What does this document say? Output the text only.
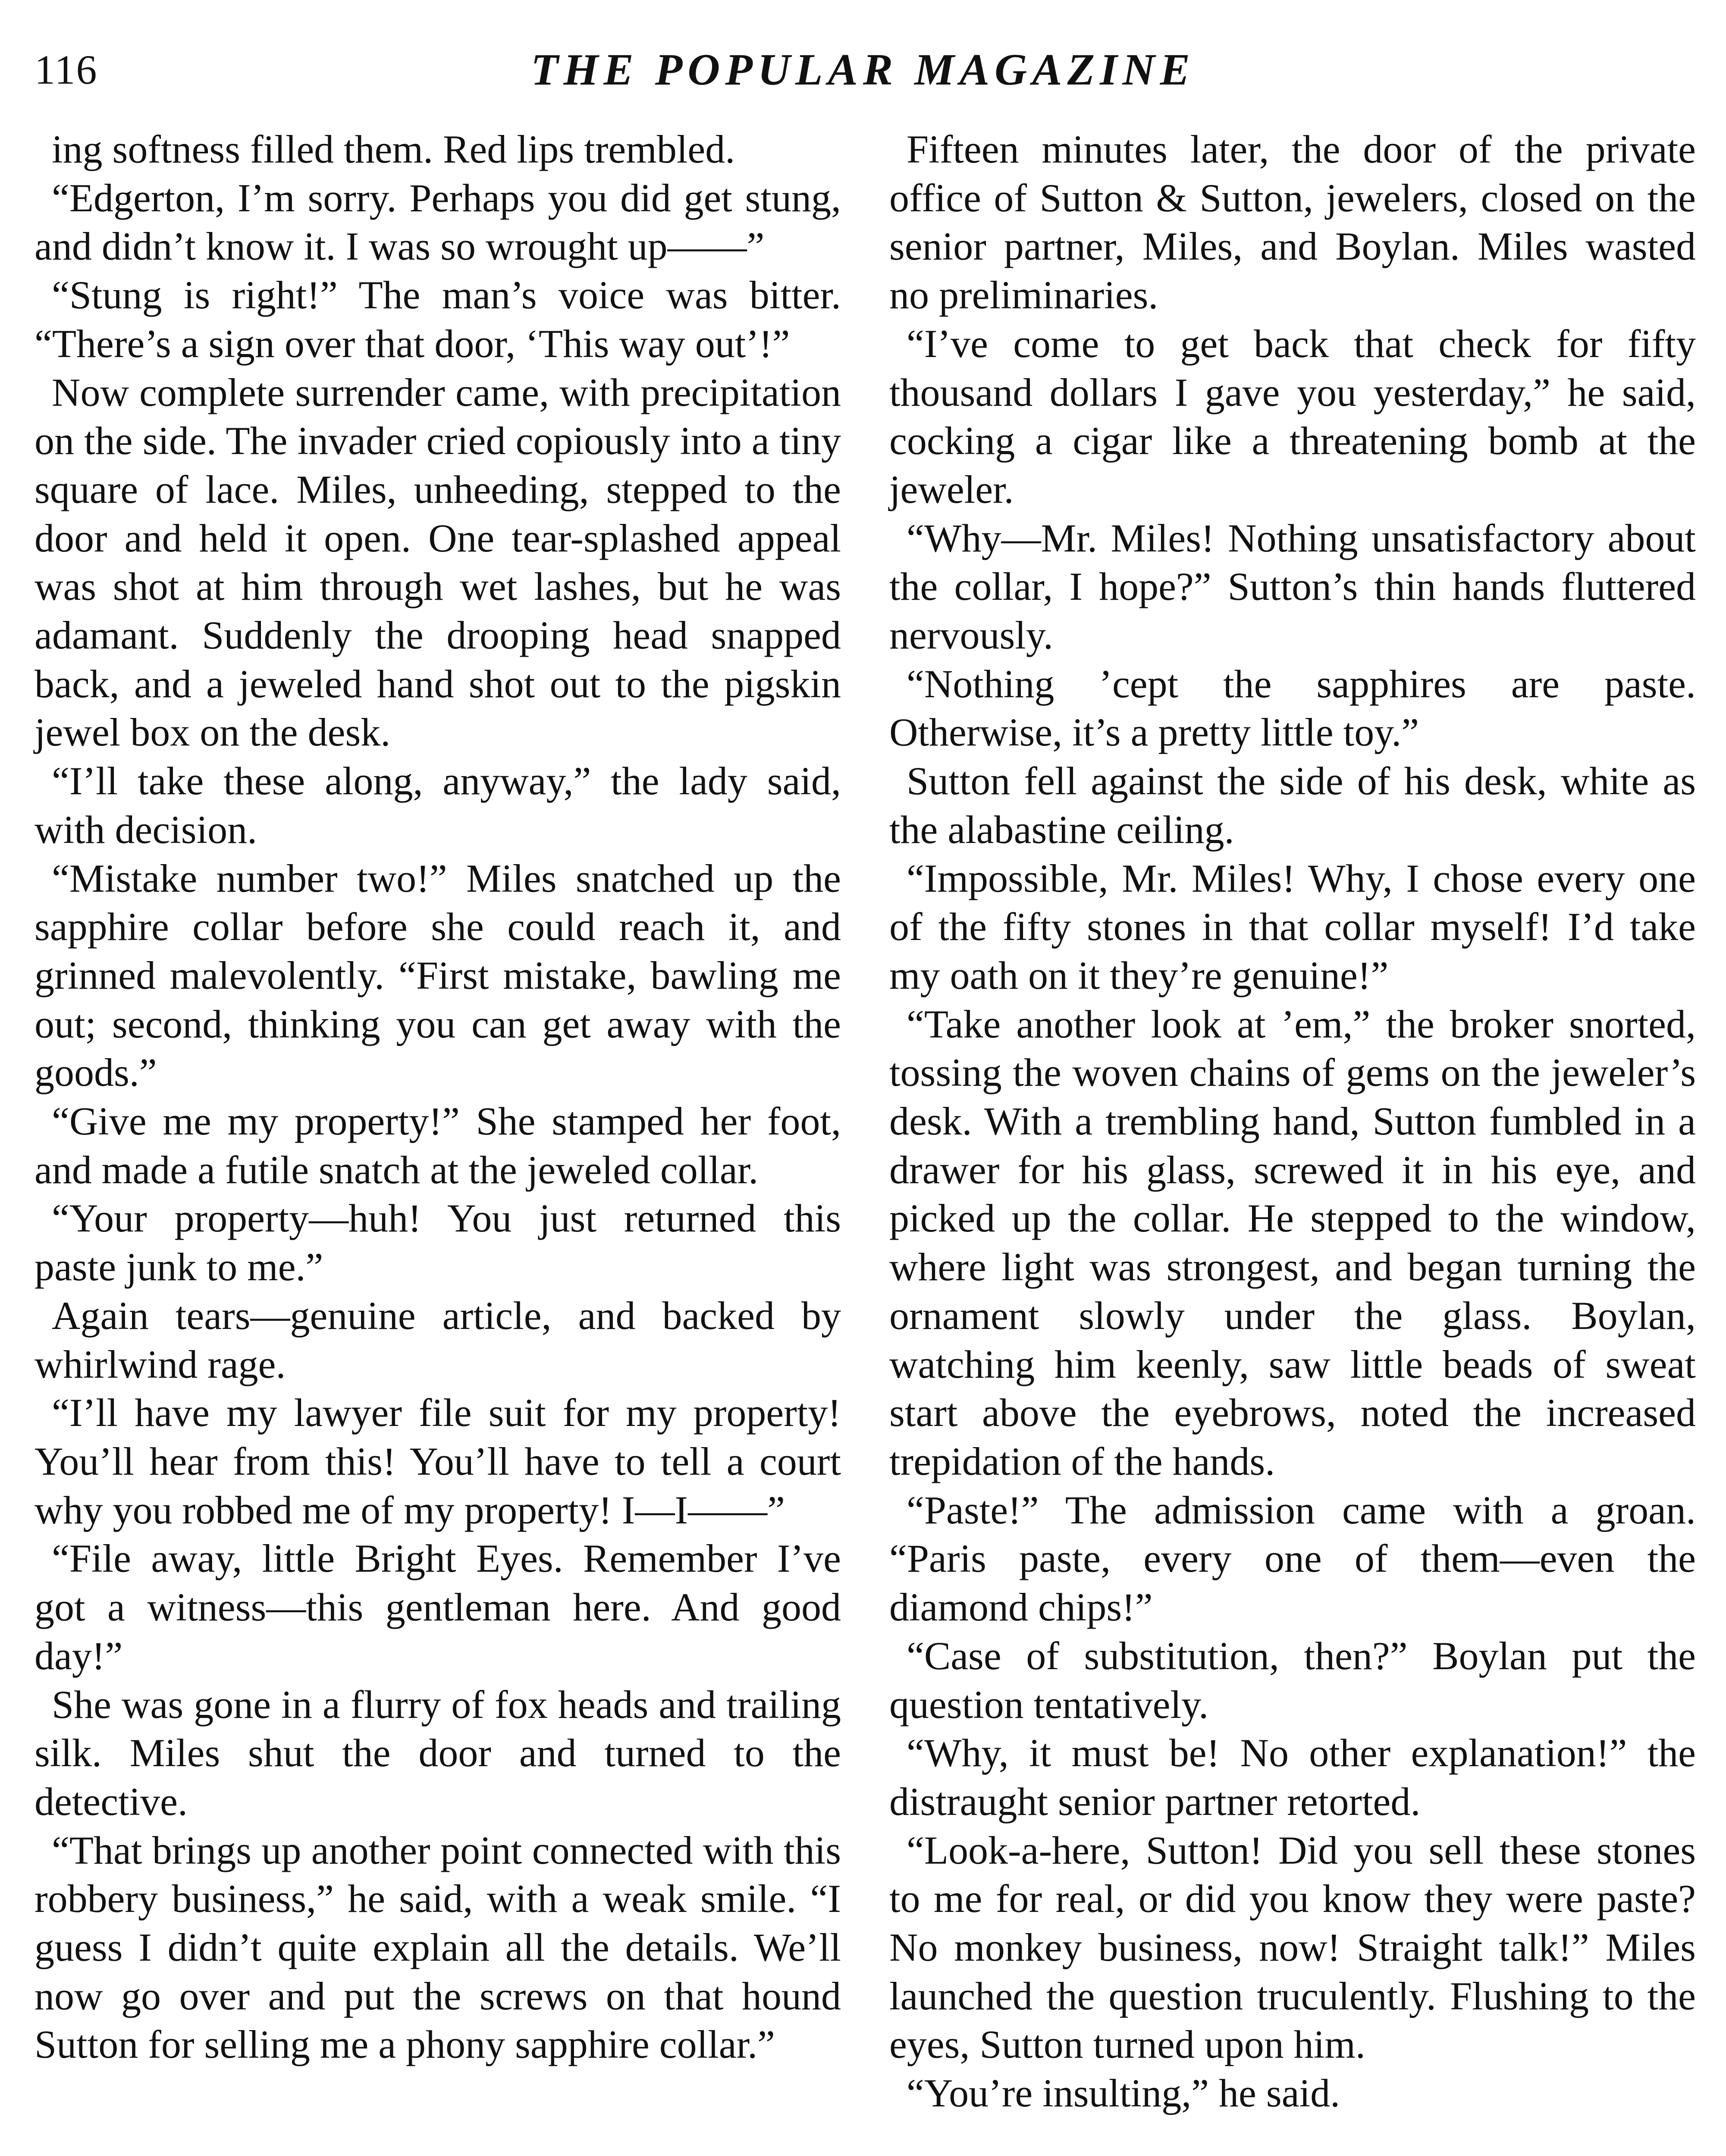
116	THE POPULAR MAGAZINE

ing softness filled them. Red lips trembled.

“Edgerton, I’m sorry. Perhaps you did get stung, and didn’t know it. I was so wrought up——”

“Stung is right!” The man’s voice was bitter. “There’s a sign over that door, ‘This way out’!”

Now complete surrender came, with precipitation on the side. The invader cried copiously into a tiny square of lace. Miles, unheeding, stepped to the door and held it open. One tear-splashed appeal was shot at him through wet lashes, but he was adamant. Suddenly the drooping head snapped back, and a jeweled hand shot out to the pigskin jewel box on the desk.

“I’ll take these along, anyway,” the lady said, with decision.

“Mistake number two!” Miles snatched up the sapphire collar before she could reach it, and grinned malevolently. “First mistake, bawling me out; second, thinking you can get away with the goods.”

“Give me my property!” She stamped her foot, and made a futile snatch at the jeweled collar.

“Your property—huh! You just returned this paste junk to me.”

Again tears—genuine article, and backed by whirlwind rage.

“I’ll have my lawyer file suit for my property! You’ll hear from this! You’ll have to tell a court why you robbed me of my property! I—I——”

“File away, little Bright Eyes. Remember I’ve got a witness—this gentleman here. And good day!”

She was gone in a flurry of fox heads and trailing silk. Miles shut the door and turned to the detective.

“That brings up another point connected with this robbery business,” he said, with a weak smile. “I guess I didn’t quite explain all the details. We’ll now go over and put the screws on that hound Sutton for selling me a phony sapphire collar.”

Fifteen minutes later, the door of the private office of Sutton & Sutton, jewelers, closed on the senior partner, Miles, and Boylan. Miles wasted no preliminaries.

“I’ve come to get back that check for fifty thousand dollars I gave you yesterday,” he said, cocking a cigar like a threatening bomb at the jeweler.

“Why—Mr. Miles! Nothing unsatisfactory about the collar, I hope?” Sutton’s thin hands fluttered nervously.

“Nothing ’cept the sapphires are paste. Otherwise, it’s a pretty little toy.”

Sutton fell against the side of his desk, white as the alabastine ceiling.

“Impossible, Mr. Miles! Why, I chose every one of the fifty stones in that collar myself! I’d take my oath on it they’re genuine!”

“Take another look at ’em,” the broker snorted, tossing the woven chains of gems on the jeweler’s desk. With a trembling hand, Sutton fumbled in a drawer for his glass, screwed it in his eye, and picked up the collar. He stepped to the window, where light was strongest, and began turning the ornament slowly under the glass. Boylan, watching him keenly, saw little beads of sweat start above the eyebrows, noted the increased trepidation of the hands.

“Paste!” The admission came with a groan. “Paris paste, every one of them—even the diamond chips!”

“Case of substitution, then?” Boylan put the question tentatively.

“Why, it must be! No other explanation!” the distraught senior partner retorted.

“Look-a-here, Sutton! Did you sell these stones to me for real, or did you know they were paste? No monkey business, now! Straight talk!” Miles launched the question truculently. Flushing to the eyes, Sutton turned upon him.

“You’re insulting,” he said.
